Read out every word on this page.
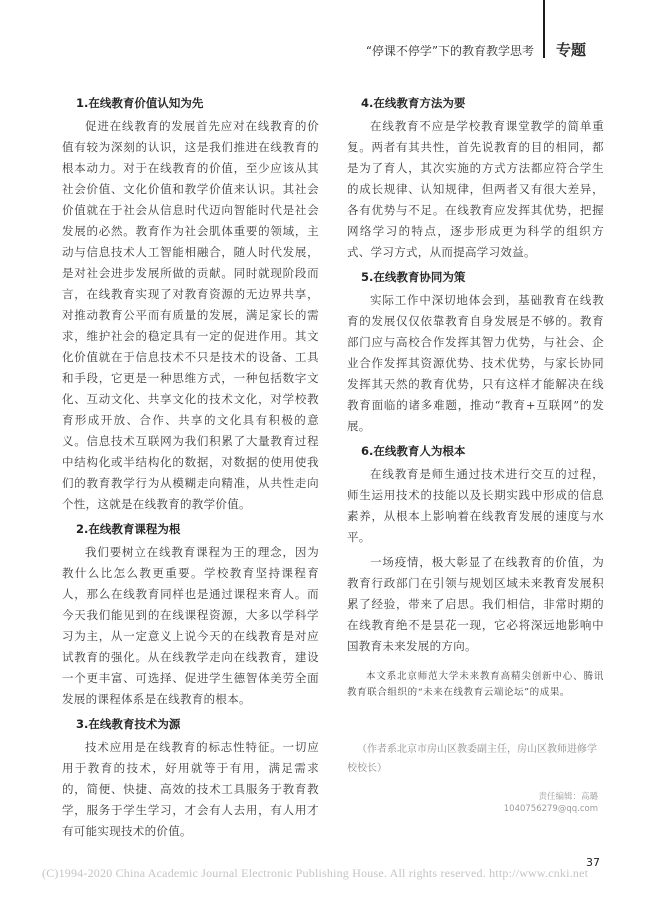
“停课不停学”下的教育教学思考 专题
1.在线教育价值认知为先

促进在线教育的发展首先应对在线教育的价值有较为深刻的认识，这是我们推进在线教育的根本动力。对于在线教育的价值，至少应该从其社会价值、文化价值和教学价值来认识。其社会价值就在于社会从信息时代迈向智能时代是社会发展的必然。教育作为社会肌体重要的领域，主动与信息技术人工智能相融合，随人时代发展，是对社会进步发展所做的贡献。同时就现阶段而言，在线教育实现了对教育资源的无边界共享，对推动教育公平而有质量的发展，满足家长的需求，维护社会的稳定具有一定的促进作用。其文化价值就在于信息技术不只是技术的设备、工具和手段，它更是一种思维方式，一种包括数字文化、互动文化、共享文化的技术文化，对学校教育形成开放、合作、共享的文化具有积极的意义。信息技术互联网为我们积累了大量教育过程中结构化或半结构化的数据，对数据的使用使我们的教育教学行为从模糊走向精准，从共性走向个性，这就是在线教育的教学价值。

2.在线教育课程为根

我们要树立在线教育课程为王的理念，因为教什么比怎么教更重要。学校教育坚持课程育人，那么在线教育同样也是通过课程来育人。而今天我们能见到的在线课程资源，大多以学科学习为主，从一定意义上说今天的在线教育是对应试教育的强化。从在线教学走向在线教育，建设一个更丰富、可选择、促进学生德智体美劳全面发展的课程体系是在线教育的根本。

3.在线教育技术为源

技术应用是在线教育的标志性特征。一切应用于教育的技术，好用就等于有用，满足需求的，简便、快捷、高效的技术工具服务于教育教学，服务于学生学习，才会有人去用，有人用才有可能实现技术的价值。

4.在线教育方法为要

在线教育不应是学校教育课堂教学的简单重复。两者有其共性，首先说教育的目的相同，都是为了育人，其次实施的方式方法都应符合学生的成长规律、认知规律，但两者又有很大差异，各有优势与不足。在线教育应发挥其优势，把握网络学习的特点，逐步形成更为科学的组织方式、学习方式，从而提高学习效益。

5.在线教育协同为策

实际工作中深切地体会到，基础教育在线教育的发展仅仅依靠教育自身发展是不够的。教育部门应与高校合作发挥其智力优势，与社会、企业合作发挥其资源优势、技术优势，与家长协同发挥其天然的教育优势，只有这样才能解决在线教育面临的诸多难题，推动“教育+互联网”的发展。

6.在线教育人为根本

在线教育是师生通过技术进行交互的过程，师生运用技术的技能以及长期实践中形成的信息素养，从根本上影响着在线教育发展的速度与水平。

一场疫情，极大彰显了在线教育的价值，为教育行政部门在引领与规划区域未来教育发展积累了经验，带来了启思。我们相信，非常时期的在线教育绝不是昙花一现，它必将深远地影响中国教育未来发展的方向。

本文系北京师范大学未来教育高精尖创新中心、腾讯教育联合组织的“未来在线教育云端论坛”的成果。

（作者系北京市房山区教委副主任，房山区教师进修学校校长）
责任编辑：高璐
1040756279@qq.com
37
(C)1994-2020 China Academic Journal Electronic Publishing House. All rights reserved. http://www.cnki.net
